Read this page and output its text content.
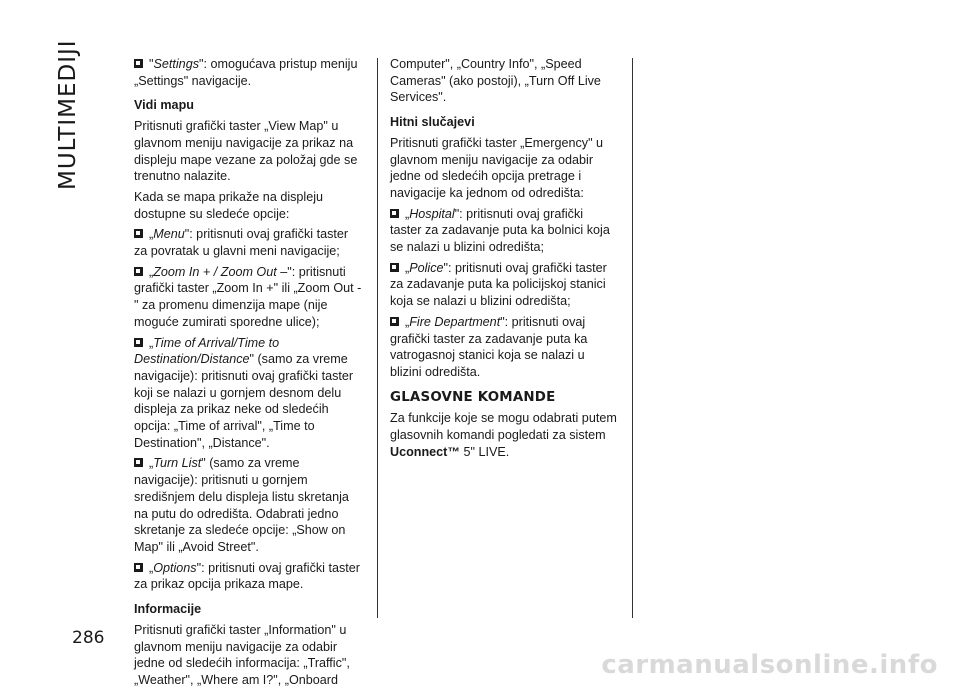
MULTIMEDIJI
286

"Settings": omogućava pristup meniju „Settings" navigacije.

Vidi mapu

Pritisnuti grafički taster „View Map" u glavnom meniju navigacije za prikaz na displeju mape vezane za položaj gde se trenutno nalazite.

Kada se mapa prikaže na displeju dostupne su sledeće opcije:

„Menu": pritisnuti ovaj grafički taster za povratak u glavni meni navigacije;

„Zoom In + / Zoom Out –": pritisnuti grafički taster „Zoom In +" ili „Zoom Out -" za promenu dimenzija mape (nije moguće zumirati sporedne ulice);

„Time of Arrival/Time to Destination/Distance" (samo za vreme navigacije): pritisnuti ovaj grafički taster koji se nalazi u gornjem desnom delu displeja za prikaz neke od sledećih opcija: „Time of arrival", „Time to Destination", „Distance".

„Turn List" (samo za vreme navigacije): pritisnuti u gornjem središnjem delu displeja listu skretanja na putu do odredišta. Odabrati jedno skretanje za sledeće opcije: „Show on Map" ili „Avoid Street".

„Options": pritisnuti ovaj grafički taster za prikaz opcija prikaza mape.

Informacije

Pritisnuti grafički taster „Information" u glavnom meniju navigacije za odabir jedne od sledećih informacija: „Traffic", „Weather", „Where am I?", „Onboard

Computer", „Country Info", „Speed Cameras" (ako postoji), „Turn Off Live Services".

Hitni slučajevi

Pritisnuti grafički taster „Emergency" u glavnom meniju navigacije za odabir jedne od sledećih opcija pretrage i navigacije ka jednom od odredišta:

„Hospital": pritisnuti ovaj grafički taster za zadavanje puta ka bolnici koja se nalazi u blizini odredišta;

„Police": pritisnuti ovaj grafički taster za zadavanje puta ka policijskoj stanici koja se nalazi u blizini odredišta;

„Fire Department": pritisnuti ovaj grafički taster za zadavanje puta ka vatrogasnoj stanici koja se nalazi u blizini odredišta.

GLASOVNE KOMANDE

Za funkcije koje se mogu odabrati putem glasovnih komandi pogledati za sistem Uconnect™ 5" LIVE.

carmanualsonline.info
